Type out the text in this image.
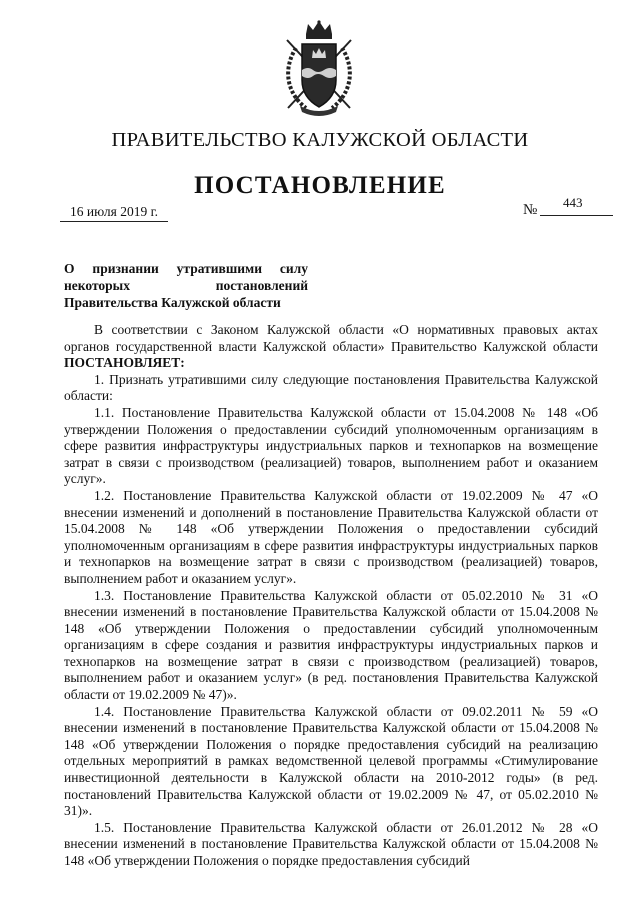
ПРАВИТЕЛЬСТВО КАЛУЖСКОЙ ОБЛАСТИ
ПОСТАНОВЛЕНИЕ
16 июля 2019 г.	№ 443
О признании утратившими силу некоторых постановлений Правительства Калужской области

В соответствии с Законом Калужской области «О нормативных правовых актах органов государственной власти Калужской области» Правительство Калужской области ПОСТАНОВЛЯЕТ:

1. Признать утратившими силу следующие постановления Правительства Калужской области:

1.1. Постановление Правительства Калужской области от 15.04.2008 № 148 «Об утверждении Положения о предоставлении субсидий уполномоченным организациям в сфере развития инфраструктуры индустриальных парков и технопарков на возмещение затрат в связи с производством (реализацией) товаров, выполнением работ и оказанием услуг».

1.2. Постановление Правительства Калужской области от 19.02.2009 № 47 «О внесении изменений и дополнений в постановление Правительства Калужской области от 15.04.2008 № 148 «Об утверждении Положения о предоставлении субсидий уполномоченным организациям в сфере развития инфраструктуры индустриальных парков и технопарков на возмещение затрат в связи с производством (реализацией) товаров, выполнением работ и оказанием услуг».

1.3. Постановление Правительства Калужской области от 05.02.2010 № 31 «О внесении изменений в постановление Правительства Калужской области от 15.04.2008 № 148 «Об утверждении Положения о предоставлении субсидий уполномоченным организациям в сфере создания и развития инфраструктуры индустриальных парков и технопарков на возмещение затрат в связи с производством (реализацией) товаров, выполнением работ и оказанием услуг» (в ред. постановления Правительства Калужской области от 19.02.2009 № 47)».

1.4. Постановление Правительства Калужской области от 09.02.2011 № 59 «О внесении изменений в постановление Правительства Калужской области от 15.04.2008 № 148 «Об утверждении Положения о порядке предоставления субсидий на реализацию отдельных мероприятий в рамках ведомственной целевой программы «Стимулирование инвестиционной деятельности в Калужской области на 2010-2012 годы» (в ред. постановлений Правительства Калужской области от 19.02.2009 № 47, от 05.02.2010 № 31)».

1.5. Постановление Правительства Калужской области от 26.01.2012 № 28 «О внесении изменений в постановление Правительства Калужской области от 15.04.2008 № 148 «Об утверждении Положения о порядке предоставления субсидий
